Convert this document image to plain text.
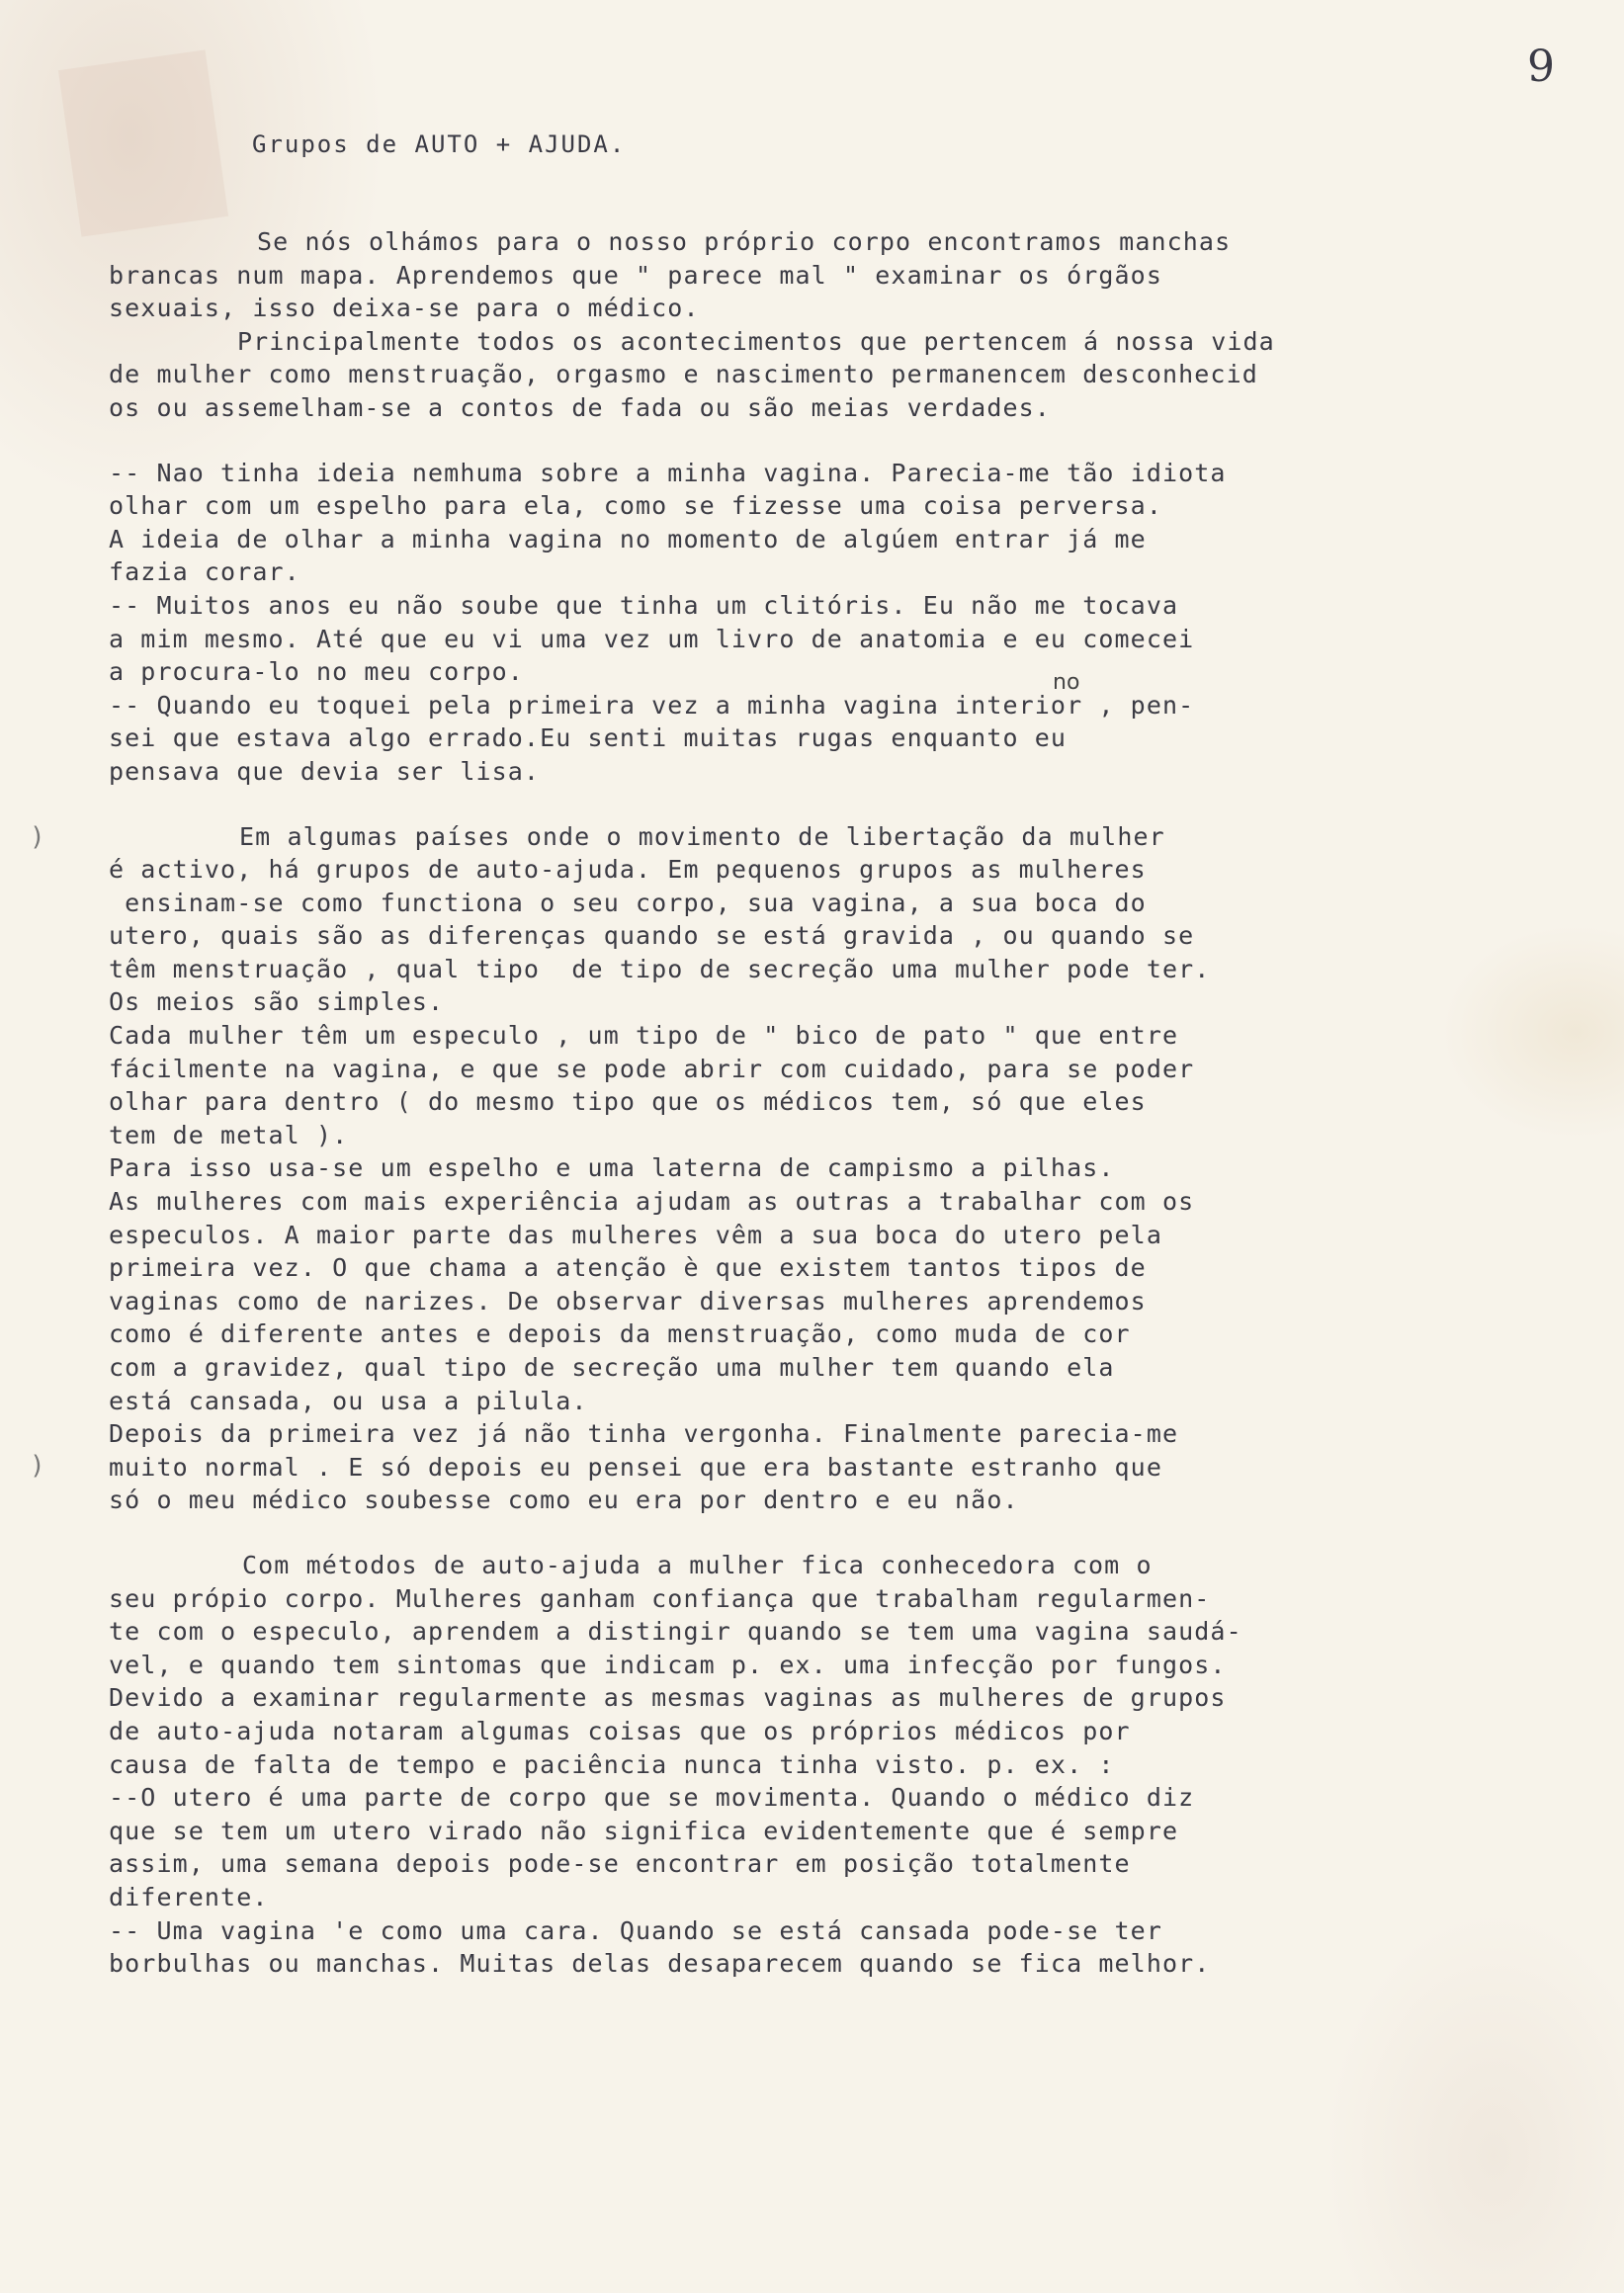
9
Grupos de AUTO + AJUDA.
no
)
)
Se nós olhámos para o nosso próprio corpo encontramos manchas
brancas num mapa. Aprendemos que " parece mal " examinar os órgãos
sexuais, isso deixa-se para o médico.
Principalmente todos os acontecimentos que pertencem á nossa vida
de mulher como menstruação, orgasmo e nascimento permanencem desconhecid
os ou assemelham-se a contos de fada ou são meias verdades.
-- Nao tinha ideia nemhuma sobre a minha vagina. Parecia-me tão idiota
olhar com um espelho para ela, como se fizesse uma coisa perversa.
A ideia de olhar a minha vagina no momento de algúem entrar já me
fazia corar.
-- Muitos anos eu não soube que tinha um clitóris. Eu não me tocava
a mim mesmo. Até que eu vi uma vez um livro de anatomia e eu comecei
a procura-lo no meu corpo.
-- Quando eu toquei pela primeira vez a minha vagina interior , pen-
sei que estava algo errado.Eu senti muitas rugas enquanto eu
pensava que devia ser lisa.
Em algumas países onde o movimento de libertação da mulher
é activo, há grupos de auto-ajuda. Em pequenos grupos as mulheres
ensinam-se como functiona o seu corpo, sua vagina, a sua boca do
utero, quais são as diferenças quando se está gravida , ou quando se
têm menstruação , qual tipo  de tipo de secreção uma mulher pode ter.
Os meios são simples.
Cada mulher têm um especulo , um tipo de " bico de pato " que entre
fácilmente na vagina, e que se pode abrir com cuidado, para se poder
olhar para dentro ( do mesmo tipo que os médicos tem, só que eles
tem de metal ).
Para isso usa-se um espelho e uma laterna de campismo a pilhas.
As mulheres com mais experiência ajudam as outras a trabalhar com os
especulos. A maior parte das mulheres vêm a sua boca do utero pela
primeira vez. O que chama a atenção è que existem tantos tipos de
vaginas como de narizes. De observar diversas mulheres aprendemos
como é diferente antes e depois da menstruação, como muda de cor
com a gravidez, qual tipo de secreção uma mulher tem quando ela
está cansada, ou usa a pilula.
Depois da primeira vez já não tinha vergonha. Finalmente parecia-me
muito normal . E só depois eu pensei que era bastante estranho que
só o meu médico soubesse como eu era por dentro e eu não.
Com métodos de auto-ajuda a mulher fica conhecedora com o
seu própio corpo. Mulheres ganham confiança que trabalham regularmen-
te com o especulo, aprendem a distingir quando se tem uma vagina saudá-
vel, e quando tem sintomas que indicam p. ex. uma infecção por fungos.
Devido a examinar regularmente as mesmas vaginas as mulheres de grupos
de auto-ajuda notaram algumas coisas que os próprios médicos por
causa de falta de tempo e paciência nunca tinha visto. p. ex. :
--O utero é uma parte de corpo que se movimenta. Quando o médico diz
que se tem um utero virado não significa evidentemente que é sempre
assim, uma semana depois pode-se encontrar em posição totalmente
diferente.
-- Uma vagina 'e como uma cara. Quando se está cansada pode-se ter
borbulhas ou manchas. Muitas delas desaparecem quando se fica melhor.
